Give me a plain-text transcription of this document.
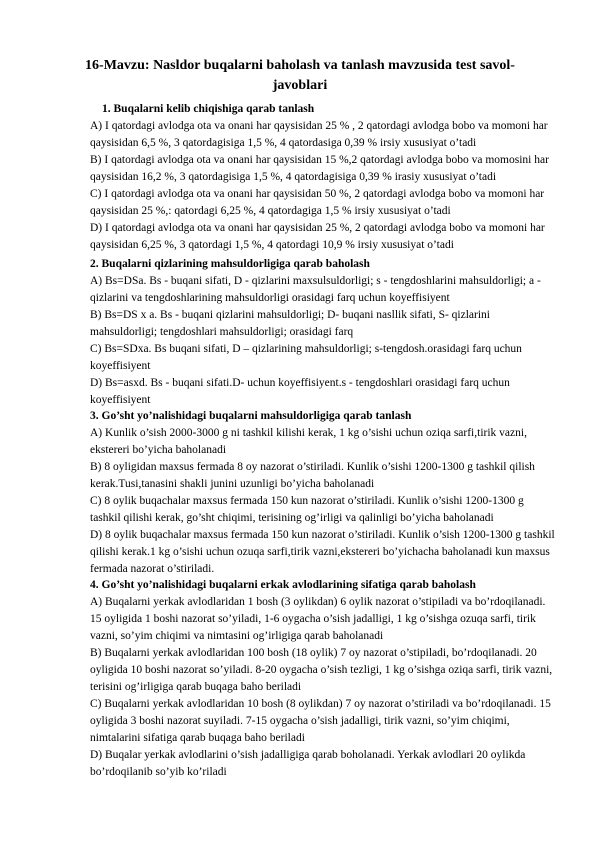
16-Mavzu: Nasldor buqalarni baholash va tanlash mavzusida test savol-javoblari
1. Buqalarni kelib chiqishiga qarab tanlash

A) I qatordagi avlodga ota va onani har qaysisidan 25 % , 2 qatordagi avlodga bobo va momoni har qaysisidan 6,5 %, 3 qatordagisiga 1,5 %, 4 qatordasiga 0,39 % irsiy xususiyat o’tadi

B) I qatordagi avlodga ota va onani har qaysisidan 15 %,2 qatordagi avlodga bobo va momosini har qaysisidan 16,2 %, 3 qatordagisiga 1,5 %, 4 qatordagisiga 0,39 % irasiy xususiyat o’tadi

C) I qatordagi avlodga ota va onani har qaysisidan 50 %, 2 qatordagi avlodga bobo va momoni har qaysisidan 25 %,: qatordagi 6,25 %, 4 qatordagiga 1,5 % irsiy xususiyat o’tadi

D) I qatordagi avlodga ota va onani har qaysisidan 25 %, 2 qatordagi avlodga bobo va momoni har qaysisidan 6,25 %, 3 qatordagi 1,5 %, 4 qatordagi 10,9 % irsiy xususiyat o’tadi

2. Buqalarni qizlarining mahsuldorligiga qarab baholash

A) Bs=DSa. Bs - buqani sifati, D - qizlarini maxsulsuldorligi; s - tengdoshlarini mahsuldorligi; a - qizlarini va tengdoshlarining mahsuldorligi orasidagi farq uchun koyeffisiyent

B) Bs=DS x a. Bs - buqani qizlarini mahsuldorligi; D- buqani nasllik sifati, S- qizlarini mahsuldorligi; tengdoshlari mahsuldorligi; orasidagi farq

C) Bs=SDxa. Bs buqani sifati, D – qizlarining mahsuldorligi; s-tengdosh.orasidagi farq uchun koyeffisiyent

D) Bs=asxd. Bs - buqani sifati.D- uchun koyeffisiyent.s - tengdoshlari orasidagi farq uchun koyeffisiyent

3. Go’sht yo’nalishidagi buqalarni mahsuldorligiga qarab tanlash

A) Kunlik o’sish 2000-3000 g ni tashkil kilishi kerak, 1 kg o’sishi uchun oziqa sarfi,tirik vazni, ekstereri bo’yicha baholanadi

B) 8 oyligidan maxsus fermada 8 oy nazorat o’stiriladi. Kunlik o’sishi 1200-1300 g tashkil qilish kerak.Tusi,tanasini shakli junini uzunligi bo’yicha baholanadi

C) 8 oylik buqachalar maxsus fermada 150 kun nazorat o’stiriladi. Kunlik o’sishi 1200-1300 g tashkil qilishi kerak, go’sht chiqimi, terisining og’irligi va qalinligi bo’yicha baholanadi

D) 8 oylik buqachalar maxsus fermada 150 kun nazorat o’stiriladi. Kunlik o’sish 1200-1300 g tashkil qilishi kerak.1 kg o’sishi uchun ozuqa sarfi,tirik vazni,ekstereri bo’yichacha baholanadi kun maxsus fermada nazorat o’stiriladi.

4. Go’sht yo’nalishidagi buqalarni erkak avlodlarining sifatiga qarab baholash

A) Buqalarni yerkak avlodlaridan 1 bosh (3 oylikdan) 6 oylik nazorat o’stipiladi va bo’rdoqilanadi. 15 oyligida 1 boshi nazorat so’yiladi, 1-6 oygacha o’sish jadalligi, 1 kg o’sishga ozuqa sarfi, tirik vazni, so’yim chiqimi va nimtasini og’irligiga qarab baholanadi

B) Buqalarni yerkak avlodlaridan 100 bosh (18 oylik) 7 oy nazorat o’stipiladi, bo’rdoqilanadi. 20 oyligida 10 boshi nazorat so’yiladi. 8-20 oygacha o’sish tezligi, 1 kg o’sishga oziqa sarfi, tirik vazni, terisini og’irligiga qarab buqaga baho beriladi

C) Buqalarni yerkak avlodlaridan 10 bosh (8 oylikdan) 7 oy nazorat o’stiriladi va bo’rdoqilanadi. 15 oyligida 3 boshi nazorat suyiladi. 7-15 oygacha o’sish jadalligi, tirik vazni, so’yim chiqimi, nimtalarini sifatiga qarab buqaga baho beriladi

D) Buqalar yerkak avlodlarini o’sish jadalligiga qarab boholanadi. Yerkak avlodlari 20 oylikda bo’rdoqilanib so’yib ko’riladi
